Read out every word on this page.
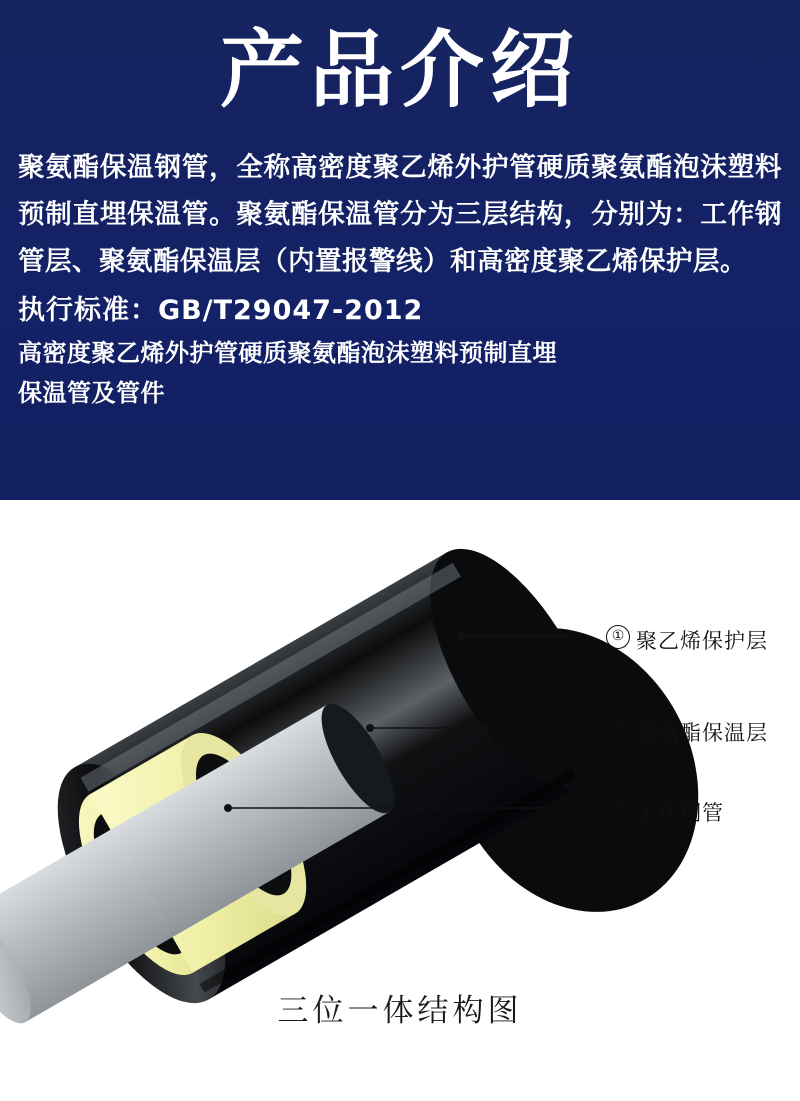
产品介绍
聚氨酯保温钢管，全称高密度聚乙烯外护管硬质聚氨酯泡沫塑料预制直埋保温管。聚氨酯保温管分为三层结构，分别为：工作钢管层、聚氨酯保温层（内置报警线）和高密度聚乙烯保护层。
执行标准：GB/T29047-2012
高密度聚乙烯外护管硬质聚氨酯泡沫塑料预制直埋
保温管及管件
① 聚乙烯保护层
② 聚氨酯保温层
③ 工作钢管
三位一体结构图
